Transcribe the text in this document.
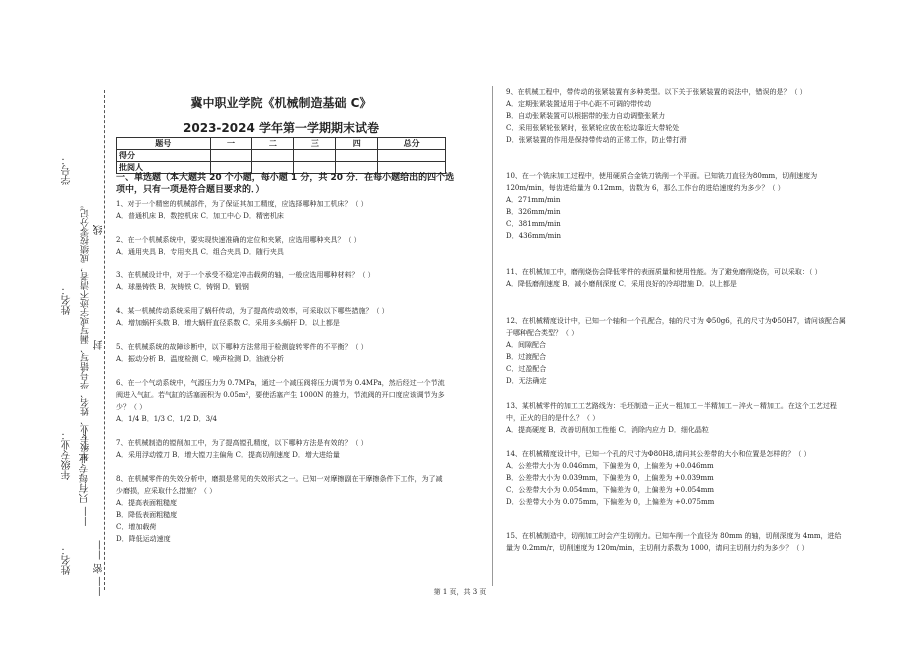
学号：
姓名：
年级专业：
姓名：
年级专业、姓名、学号错写、漏写或字迹不清者，成绩按零分记。 线
封
—— 只有每专业 ——
—— 密 ——
冀中职业学院《机械制造基础 C》
2023-2024 学年第一学期期末试卷
题号	一	二	三	四	总分
得分					
批阅人					
一、单选题（本大题共 20 个小题，每小题 1 分，共 20 分．在每小题给出的四个选项中，只有一项是符合题目要求的．）

1、对于一个精密的机械部件，为了保证其加工精度，应选择哪种加工机床？（ ）

A．普通机床 B．数控机床 C．加工中心 D．精密机床

2、在一个机械系统中，要实现快速准确的定位和夹紧，应选用哪种夹具？（ ）

A．通用夹具 B．专用夹具 C．组合夹具 D．随行夹具

3、在机械设计中，对于一个承受不稳定冲击载荷的轴，一般应选用哪种材料？（ ）

A．球墨铸铁 B．灰铸铁 C．铸钢 D．锻钢

4、某一机械传动系统采用了蜗杆传动，为了提高传动效率，可采取以下哪些措施？（ ）

A．增加蜗杆头数 B．增大蜗杆直径系数 C．采用多头蜗杆 D．以上都是

5、在机械系统的故障诊断中，以下哪种方法常用于检测旋转零件的不平衡？（ ）

A．振动分析 B．温度检测 C．噪声检测 D．油液分析

6、在一个气动系统中，气源压力为 0.7MPa，通过一个减压阀将压力调节为 0.4MPa，然后经过一个节流阀进入气缸。若气缸的活塞面积为 0.05m²，要使活塞产生 1000N 的推力，节流阀的开口度应该调节为多少？（ ）

A．1/4 B．1/3 C．1/2 D．3/4

7、在机械制造的镗削加工中，为了提高镗孔精度，以下哪种方法是有效的？（ ）

A．采用浮动镗刀 B．增大镗刀主偏角 C．提高切削速度 D．增大进给量

8、在机械零件的失效分析中，磨损是常见的失效形式之一。已知一对摩擦副在干摩擦条件下工作，为了减少磨损，应采取什么措施？（ ）

A．提高表面粗糙度

B．降低表面粗糙度

C．增加载荷

D．降低运动速度

9、在机械工程中，带传动的张紧装置有多种类型。以下关于张紧装置的说法中，错误的是？（ ）

A．定期张紧装置适用于中心距不可调的带传动

B．自动张紧装置可以根据带的张力自动调整张紧力

C．采用张紧轮张紧时，张紧轮应放在松边靠近大带轮处

D．张紧装置的作用是保持带传动的正常工作，防止带打滑

10、在一个铣床加工过程中，使用硬质合金铣刀铣削一个平面。已知铣刀直径为80mm，切削速度为 120m/min，每齿进给量为 0.12mm，齿数为 6，那么工作台的进给速度约为多少？（ ）

A．271mm/min

B．326mm/min

C．381mm/min

D．436mm/min

11、在机械加工中，磨削烧伤会降低零件的表面质量和使用性能。为了避免磨削烧伤，可以采取：（ ）

A．降低磨削速度 B．减小磨削深度 C．采用良好的冷却措施 D．以上都是

12、在机械精度设计中，已知一个轴和一个孔配合，轴的尺寸为 Φ50g6，孔的尺寸为Φ50H7，请问该配合属于哪种配合类型？（ ）

A．间隙配合

B．过渡配合

C．过盈配合

D．无法确定

13、某机械零件的加工工艺路线为：毛坯制造－正火－粗加工－半精加工－淬火－精加工。在这个工艺过程中，正火的目的是什么？（ ）

A．提高硬度 B．改善切削加工性能 C．消除内应力 D．细化晶粒

14、在机械精度设计中，已知一个孔的尺寸为Φ80H8,请问其公差带的大小和位置是怎样的？（ ）

A．公差带大小为 0.046mm，下偏差为 0，上偏差为 +0.046mm

B．公差带大小为 0.039mm，下偏差为 0，上偏差为 +0.039mm

C．公差带大小为 0.054mm，下偏差为 0，上偏差为 +0.054mm

D．公差带大小为 0.075mm，下偏差为 0，上偏差为 +0.075mm

15、在机械制造中，切削加工时会产生切削力。已知车削一个直径为 80mm 的轴，切削深度为 4mm，进给量为 0.2mm/r，切削速度为 120m/min，主切削力系数为 1000，请问主切削力约为多少？（ ）

第 1 页，共 3 页
